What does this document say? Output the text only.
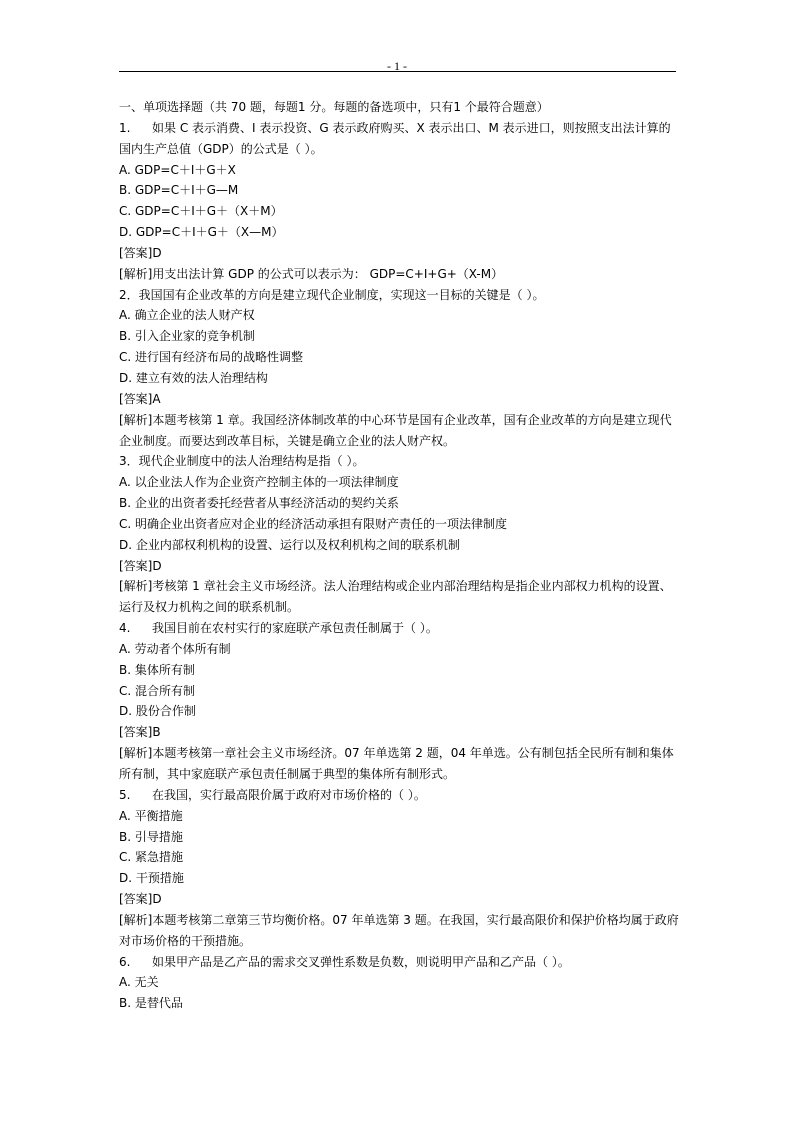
- 1 -
一、单项选择题（共 70 题，每题1 分。每题的备选项中，只有1 个最符合题意）
1. 如果 C 表示消费、I 表示投资、G 表示政府购买、X 表示出口、M 表示进口，则按照支出法计算的国内生产总值（GDP）的公式是（ ）。
A. GDP=C＋I＋G＋X
B. GDP=C＋I＋G—M
C. GDP=C＋I＋G＋（X＋M）
D. GDP=C＋I＋G＋（X—M）
[答案]D
[解析]用支出法计算 GDP 的公式可以表示为： GDP=C+I+G+（X-M）
2．我国国有企业改革的方向是建立现代企业制度，实现这一目标的关键是（ ）。
A. 确立企业的法人财产权
B. 引入企业家的竞争机制
C. 进行国有经济布局的战略性调整
D. 建立有效的法人治理结构
[答案]A
[解析]本题考核第 1 章。我国经济体制改革的中心环节是国有企业改革，国有企业改革的方向是建立现代企业制度。而要达到改革目标，关键是确立企业的法人财产权。
3．现代企业制度中的法人治理结构是指（ ）。
A. 以企业法人作为企业资产控制主体的一项法律制度
B. 企业的出资者委托经营者从事经济活动的契约关系
C. 明确企业出资者应对企业的经济活动承担有限财产责任的一项法律制度
D. 企业内部权利机构的设置、运行以及权利机构之间的联系机制
[答案]D
[解析]考核第 1 章社会主义市场经济。法人治理结构或企业内部治理结构是指企业内部权力机构的设置、运行及权力机构之间的联系机制。
4. 我国目前在农村实行的家庭联产承包责任制属于（ ）。
A. 劳动者个体所有制
B. 集体所有制
C. 混合所有制
D. 股份合作制
[答案]B
[解析]本题考核第一章社会主义市场经济。07 年单选第 2 题，04 年单选。公有制包括全民所有制和集体所有制，其中家庭联产承包责任制属于典型的集体所有制形式。
5. 在我国，实行最高限价属于政府对市场价格的（ ）。
A. 平衡措施
B. 引导措施
C. 紧急措施
D. 干预措施
[答案]D
[解析]本题考核第二章第三节均衡价格。07 年单选第 3 题。在我国，实行最高限价和保护价格均属于政府对市场价格的干预措施。
6. 如果甲产品是乙产品的需求交叉弹性系数是负数，则说明甲产品和乙产品（ ）。
A. 无关
B. 是替代品
